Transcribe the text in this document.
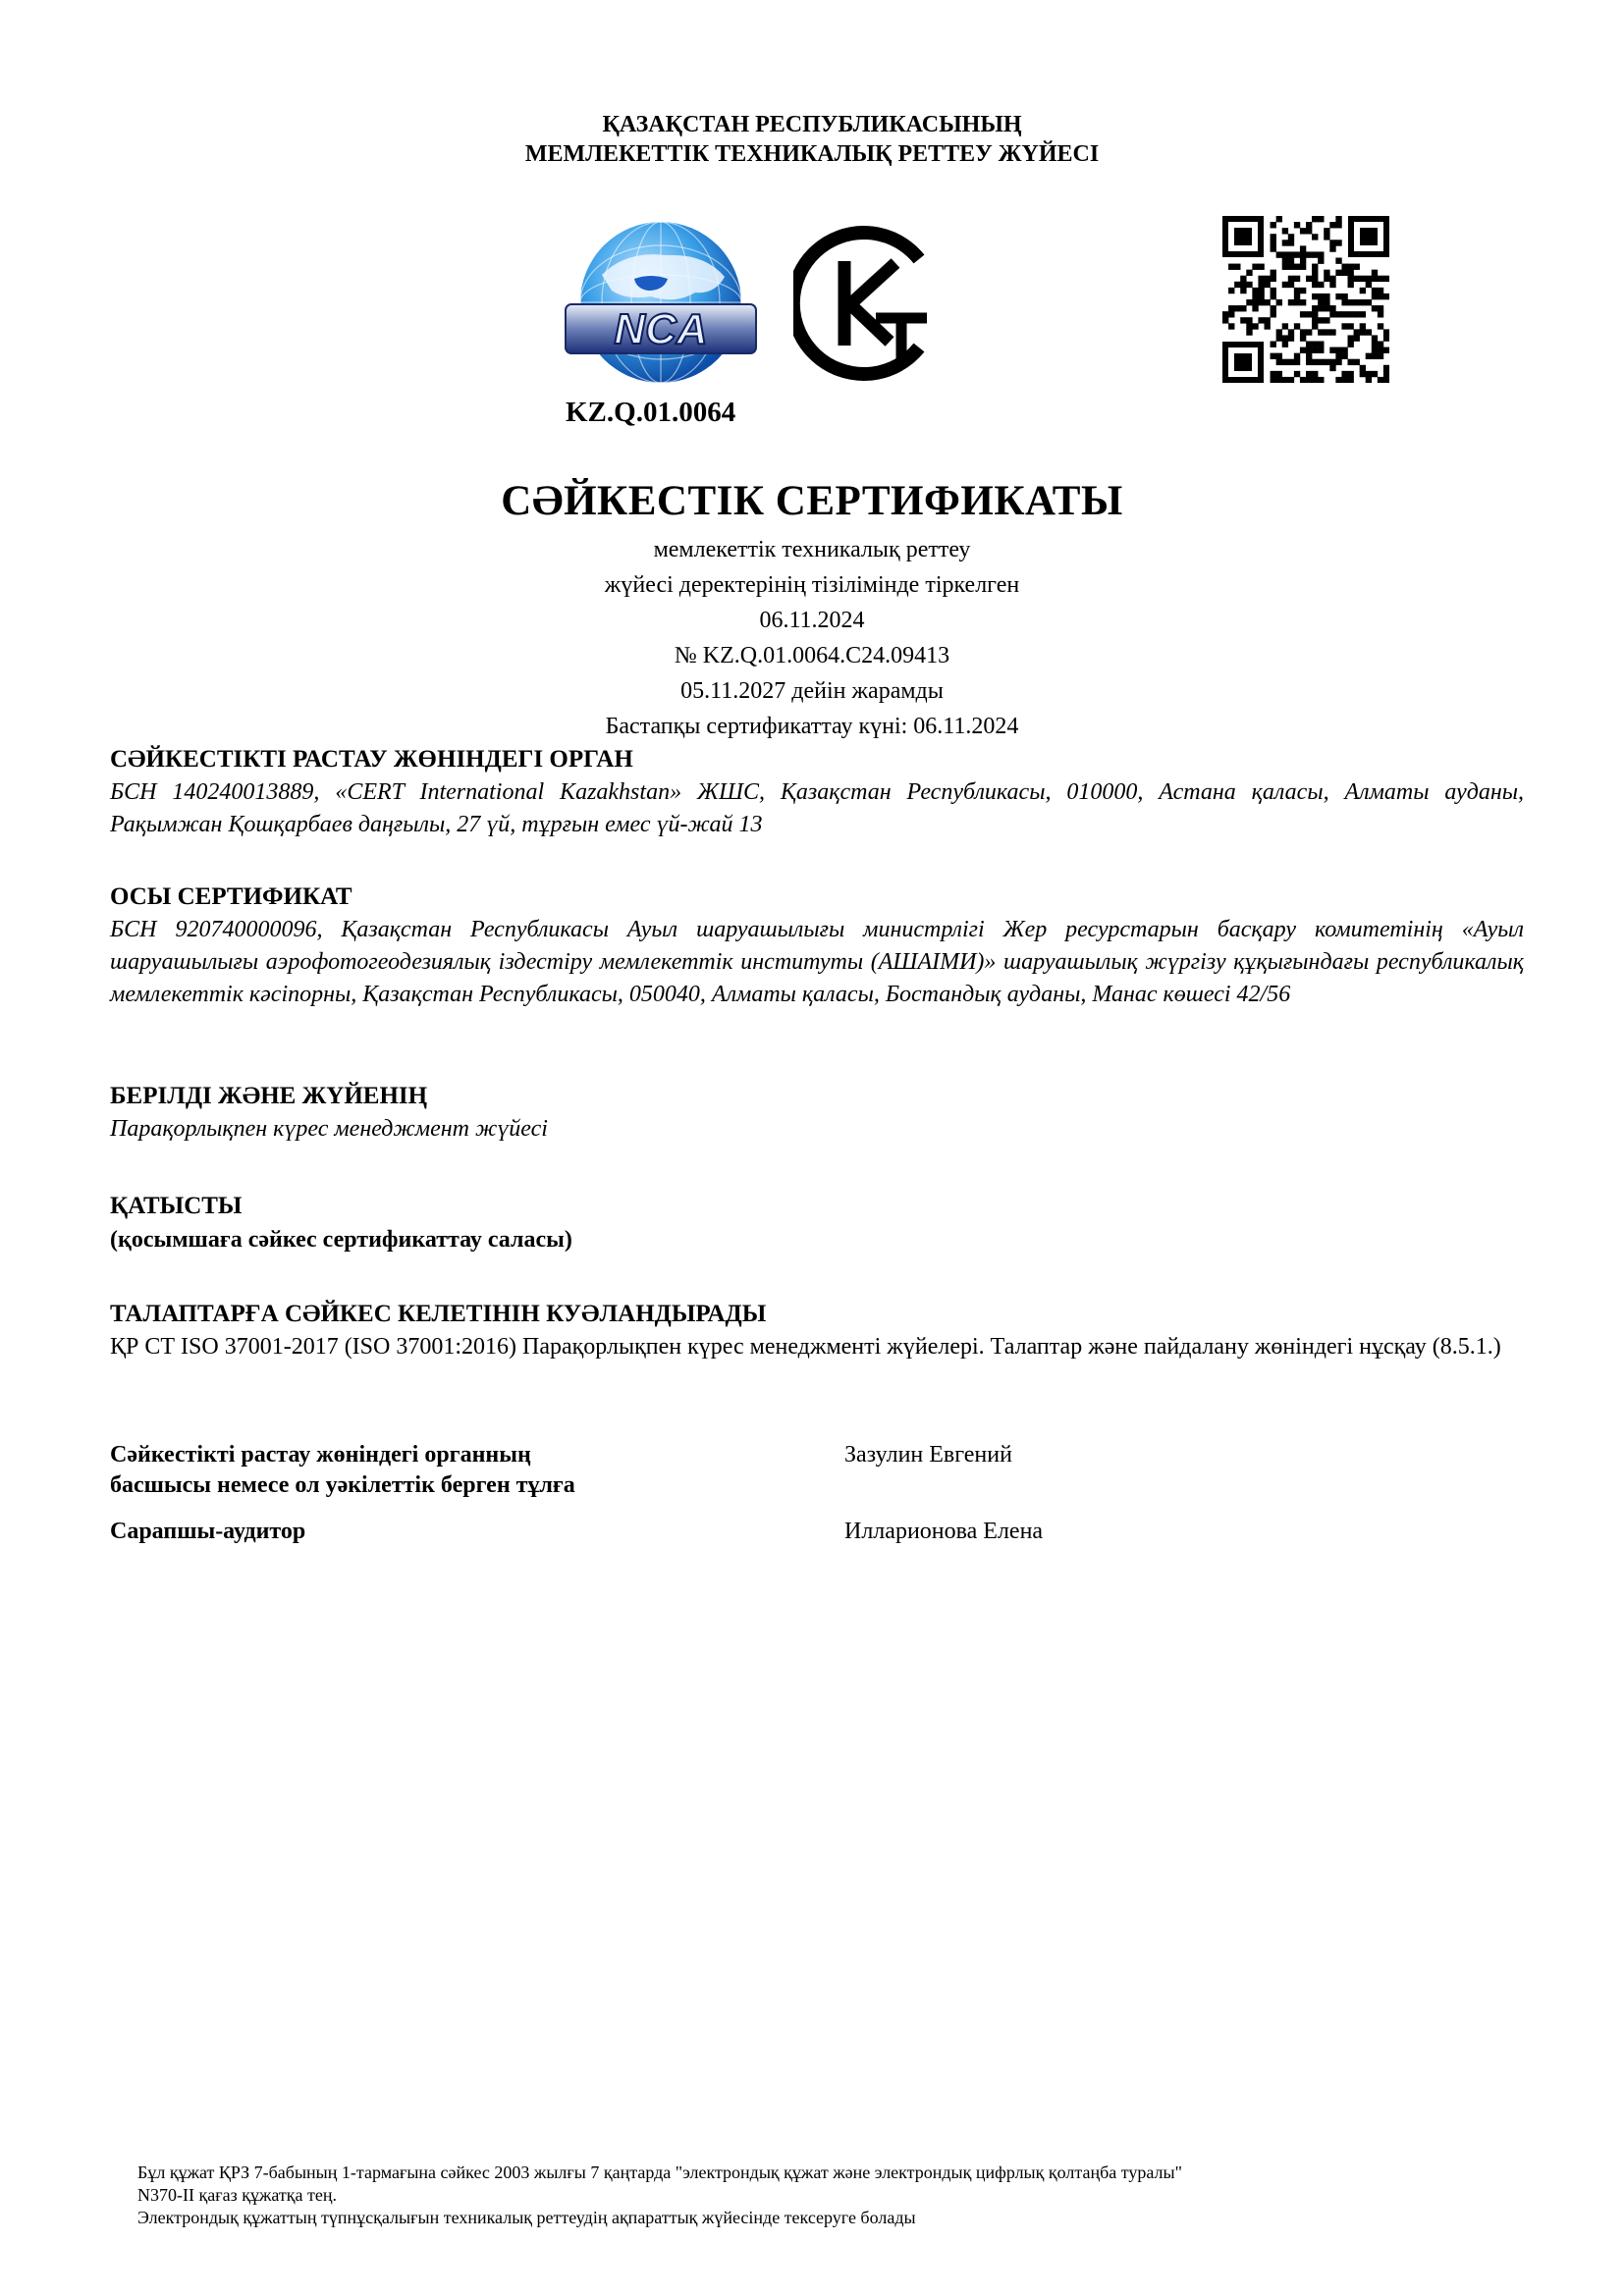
ҚАЗАҚСТАН РЕСПУБЛИКАСЫНЫҢ
МЕМЛЕКЕТТІК ТЕХНИКАЛЫҚ РЕТТЕУ ЖҮЙЕСІ
NCA
KZ.Q.01.0064
СӘЙКЕСТІК СЕРТИФИКАТЫ
мемлекеттік техникалық реттеу
жүйесі деректерінің тізілімінде тіркелген
06.11.2024
№ KZ.Q.01.0064.C24.09413
05.11.2027 дейін жарамды
Бастапқы сертификаттау күні: 06.11.2024

СӘЙКЕСТІКТІ РАСТАУ ЖӨНІНДЕГІ ОРГАН

БСН 140240013889, «CERT International Kazakhstan» ЖШС, Қазақстан Республикасы, 010000, Астана қаласы, Алматы ауданы, Рақымжан Қошқарбаев даңғылы, 27 үй, тұрғын емес үй-жай 13

ОСЫ СЕРТИФИКАТ

БСН 920740000096, Қазақстан Республикасы Ауыл шаруашылығы министрлігі Жер ресурстарын басқару комитетінің «Ауыл шаруашылығы аэрофотогеодезиялық іздестіру мемлекеттік институты (АШАІМИ)» шаруашылық жүргізу құқығындағы республикалық мемлекеттік кәсіпорны, Қазақстан Республикасы, 050040, Алматы қаласы, Бостандық ауданы, Манас көшесі 42/56

БЕРІЛДІ ЖӘНЕ ЖҮЙЕНІҢ

Парақорлықпен күрес менеджмент жүйесі

ҚАТЫСТЫ

(қосымшаға сәйкес сертификаттау саласы)

ТАЛАПТАРҒА СӘЙКЕС КЕЛЕТІНІН КУӘЛАНДЫРАДЫ

ҚР СТ ISO 37001-2017 (ISO 37001:2016) Парақорлықпен күрес менеджменті жүйелері. Талаптар және пайдалану жөніндегі нұсқау (8.5.1.)

Сәйкестікті растау жөніндегі органның
басшысы немесе ол уәкілеттік берген тұлға
Зазулин Евгений
Сарапшы-аудитор	Илларионова Елена
Бұл құжат ҚРЗ 7-бабының 1-тармағына сәйкес 2003 жылғы 7 қаңтарда "электрондық құжат және электрондық цифрлық қолтаңба туралы"
N370-II қағаз құжатқа тең.
Электрондық құжаттың түпнұсқалығын техникалық реттеудің ақпараттық жүйесінде тексеруге болады
